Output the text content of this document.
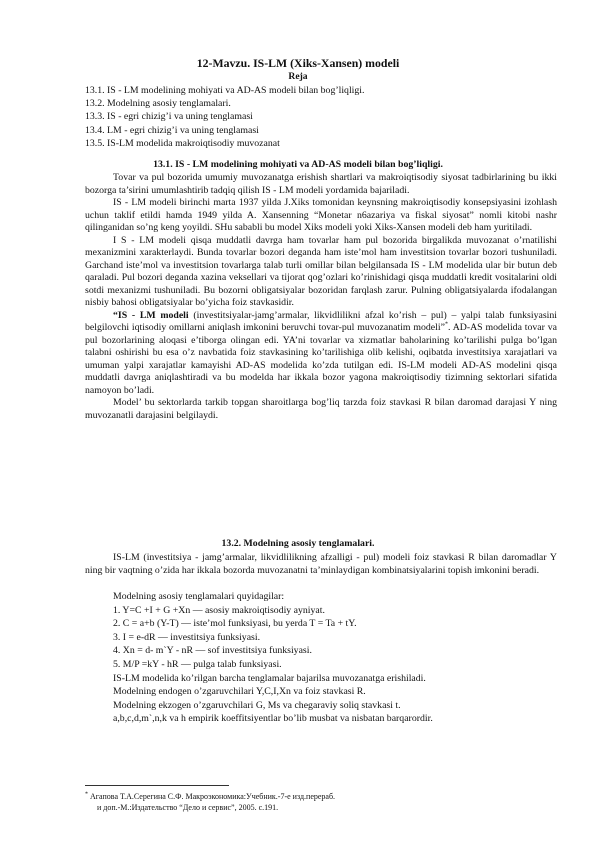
12-Mavzu. IS-LM (Xiks-Xansen) modeli
Reja
13.1. IS - LM modelining mohiyati va AD-AS modeli bilan bog’liqligi.
13.2. Modelning asosiy tenglamalari.
13.3. IS - egri chizig’i va uning tenglamasi
13.4. LM - egri chizig’i va uning tenglamasi
13.5. IS-LM modelida makroiqtisodiy muvozanat
13.1. IS - LM modelining mohiyati va AD-AS modeli bilan bog’liqligi.

Tovar va pul bozorida umumiy muvozanatga erishish shartlari va makroiqtisodiy siyosat tadbirlarining bu ikki bozorga ta’sirini umumlashtirib tadqiq qilish IS - LM modeli yordamida bajariladi.

IS - LM modeli birinchi marta 1937 yilda J.Xiks tomonidan keynsning makroiqtisodiy konsepsiyasini izohlash uchun taklif etildi hamda 1949 yilda A. Xansenning “Monetar n6azariya va fiskal siyosat” nomli kitobi nashr qilinganidan so’ng keng yoyildi. SHu sababli bu model Xiks modeli yoki Xiks-Xansen modeli deb ham yuritiladi.

I S - LM modeli qisqa muddatli davrga ham tovarlar ham pul bozorida birgalikda muvozanat o’rnatilishi mexanizmini xarakterlaydi. Bunda tovarlar bozori deganda ham iste’mol ham investitsion tovarlar bozori tushuniladi. Garchand iste’mol va investitsion tovarlarga talab turli omillar bilan belgilansada IS - LM modelida ular bir butun deb qaraladi. Pul bozori deganda xazina veksellari va tijorat qog’ozlari ko’rinishidagi qisqa muddatli kredit vositalarini oldi sotdi mexanizmi tushuniladi. Bu bozorni obligatsiyalar bozoridan farqlash zarur. Pulning obligatsiyalarda ifodalangan nisbiy bahosi obligatsiyalar bo’yicha foiz stavkasidir.

“IS - LM modeli (investitsiyalar-jamg’armalar, likvidlilikni afzal ko’rish – pul) – yalpi talab funksiyasini belgilovchi iqtisodiy omillarni aniqlash imkonini beruvchi tovar-pul muvozanatim modeli”*. AD-AS modelida tovar va pul bozorlarining aloqasi e’tiborga olingan edi. YA’ni tovarlar va xizmatlar baholarining ko’tarilishi pulga bo’lgan talabni oshirishi bu esa o’z navbatida foiz stavkasining ko’tarilishiga olib kelishi, oqibatda investitsiya xarajatlari va umuman yalpi xarajatlar kamayishi AD-AS modelida ko’zda tutilgan edi. IS-LM modeli AD-AS modelini qisqa muddatli davrga aniqlashtiradi va bu modelda har ikkala bozor yagona makroiqtisodiy tizimning sektorlari sifatida namoyon bo’ladi.

Model’ bu sektorlarda tarkib topgan sharoitlarga bog’liq tarzda foiz stavkasi R bilan daromad darajasi Y ning muvozanatli darajasini belgilaydi.

13.2. Modelning asosiy tenglamalari.

IS-LM (investitsiya - jamg’armalar, likvidlilikning afzalligi - pul) modeli foiz stavkasi R bilan daromadlar Y ning bir vaqtning o’zida har ikkala bozorda muvozanatni ta’minlaydigan kombinatsiyalarini topish imkonini beradi.

Modelning asosiy tenglamalari quyidagilar:
1. Y=C +I + G +Xn — asosiy makroiqtisodiy ayniyat.
2. C = a+b (Y-T) — iste’mol funksiyasi, bu yerda T = Ta + tY.
3. I = e-dR — investitsiya funksiyasi.
4. Xn = d- m`Y - nR — sof investitsiya funksiyasi.
5. M/P =kY - hR — pulga talab funksiyasi.
IS-LM modelida ko’rilgan barcha tenglamalar bajarilsa muvozanatga erishiladi.
Modelning endogen o’zgaruvchilari Y,C,I,Xn va foiz stavkasi R.
Modelning ekzogen o’zgaruvchilari G, Ms va chegaraviy soliq stavkasi t.
a,b,c,d,m`,n,k va h empirik koeffitsiyentlar bo’lib musbat va nisbatan barqarordir.
* Агапова Т.А.Серегина С.Ф. Макроэкономика:Учебник.-7-е изд.перераб.
и доп.-М.:Издательство “Дело и сервис”, 2005. с.191.
